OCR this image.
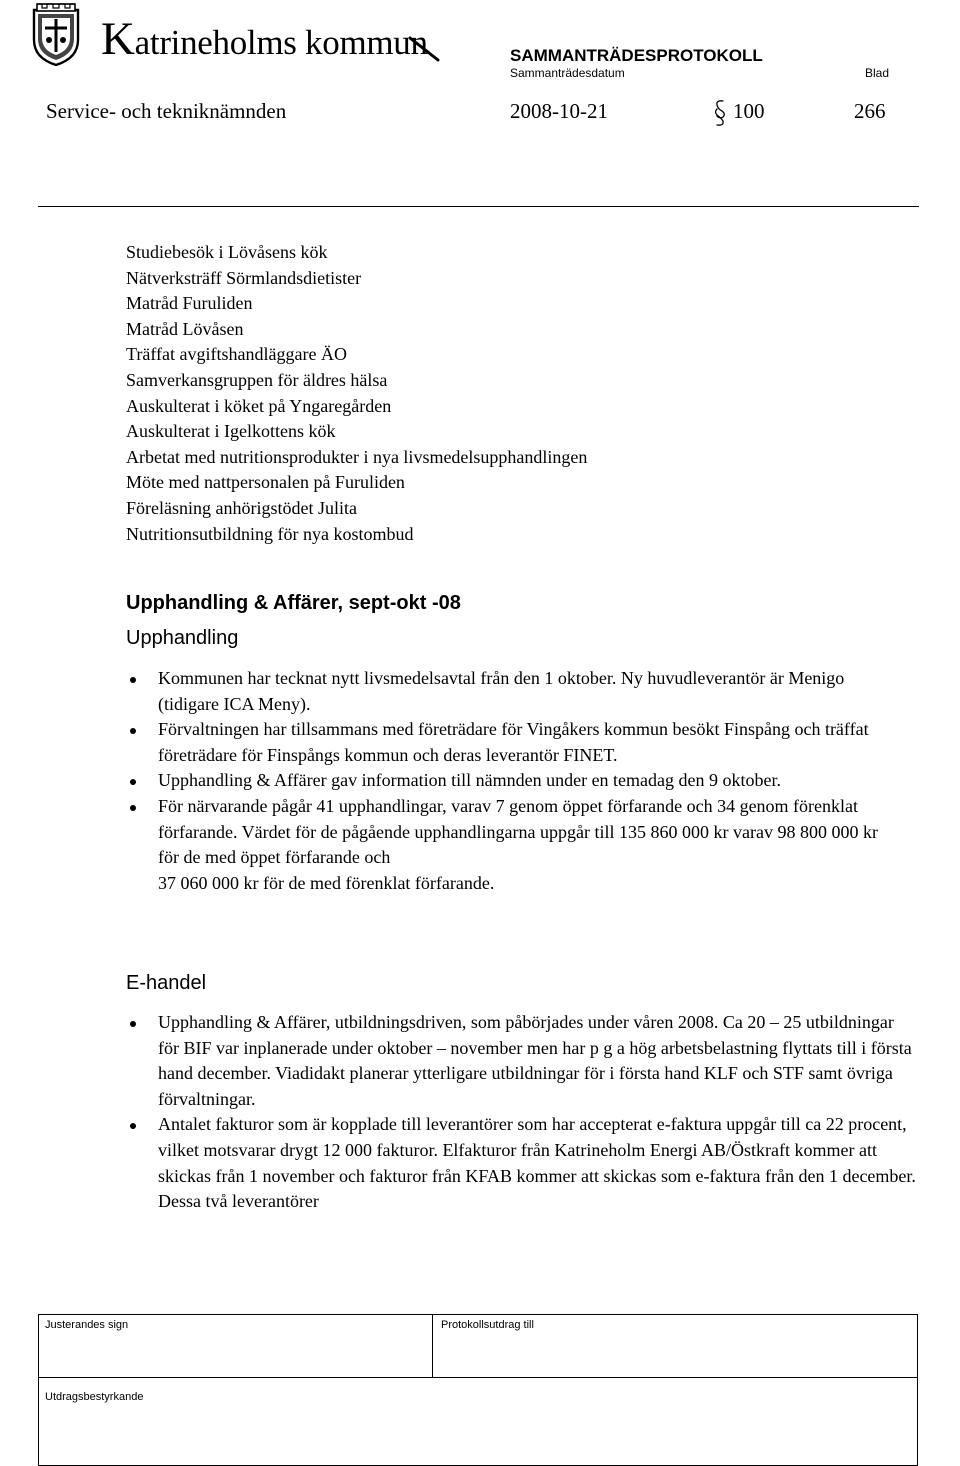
Katrineholms kommun	SAMMANTRÄDESPROTOKOLL
Sammanträdesdatum	Blad
Service- och tekniknämnden	2008-10-21	100	266
Studiebesök i Lövåsens kök
Nätverksträff Sörmlandsdietister
Matråd Furuliden
Matråd Lövåsen
Träffat avgiftshandläggare ÄO
Samverkansgruppen för äldres hälsa
Auskulterat i köket på Yngaregården
Auskulterat i Igelkottens kök
Arbetat med nutritionsprodukter i nya livsmedelsupphandlingen
Möte med nattpersonalen på Furuliden
Föreläsning anhörigstödet Julita
Nutritionsutbildning för nya kostombud
Upphandling & Affärer, sept-okt -08
Upphandling
Kommunen har tecknat nytt livsmedelsavtal från den 1 oktober. Ny huvudleverantör är Menigo (tidigare ICA Meny).
Förvaltningen har tillsammans med företrädare för Vingåkers kommun besökt Finspång och träffat företrädare för Finspångs kommun och deras leverantör FINET.
Upphandling & Affärer gav information till nämnden under en temadag den 9 oktober.

För närvarande pågår 41 upphandlingar, varav 7 genom öppet förfarande och 34 genom förenklat förfarande. Värdet för de pågående upphandlingarna uppgår till 135 860 000 kr varav 98 800 000 kr för de med öppet förfarande och

37 060 000 kr för de med förenklat förfarande.

E-handel
Upphandling & Affärer, utbildningsdriven, som påbörjades under våren 2008. Ca 20 – 25 utbildningar för BIF var inplanerade under oktober – november men har p g a hög arbetsbelastning flyttats till i första hand december. Viadidakt planerar ytterligare utbildningar för i första hand KLF och STF samt övriga förvaltningar.
Antalet fakturor som är kopplade till leverantörer som har accepterat e-faktura uppgår till ca 22 procent, vilket motsvarar drygt 12 000 fakturor. Elfakturor från Katrineholm Energi AB/Östkraft kommer att skickas från 1 november och fakturor från KFAB kommer att skickas som e-faktura från den 1 december. Dessa två leverantörer
Justerandes sign	Protokollsutdrag till
Utdragsbestyrkande
